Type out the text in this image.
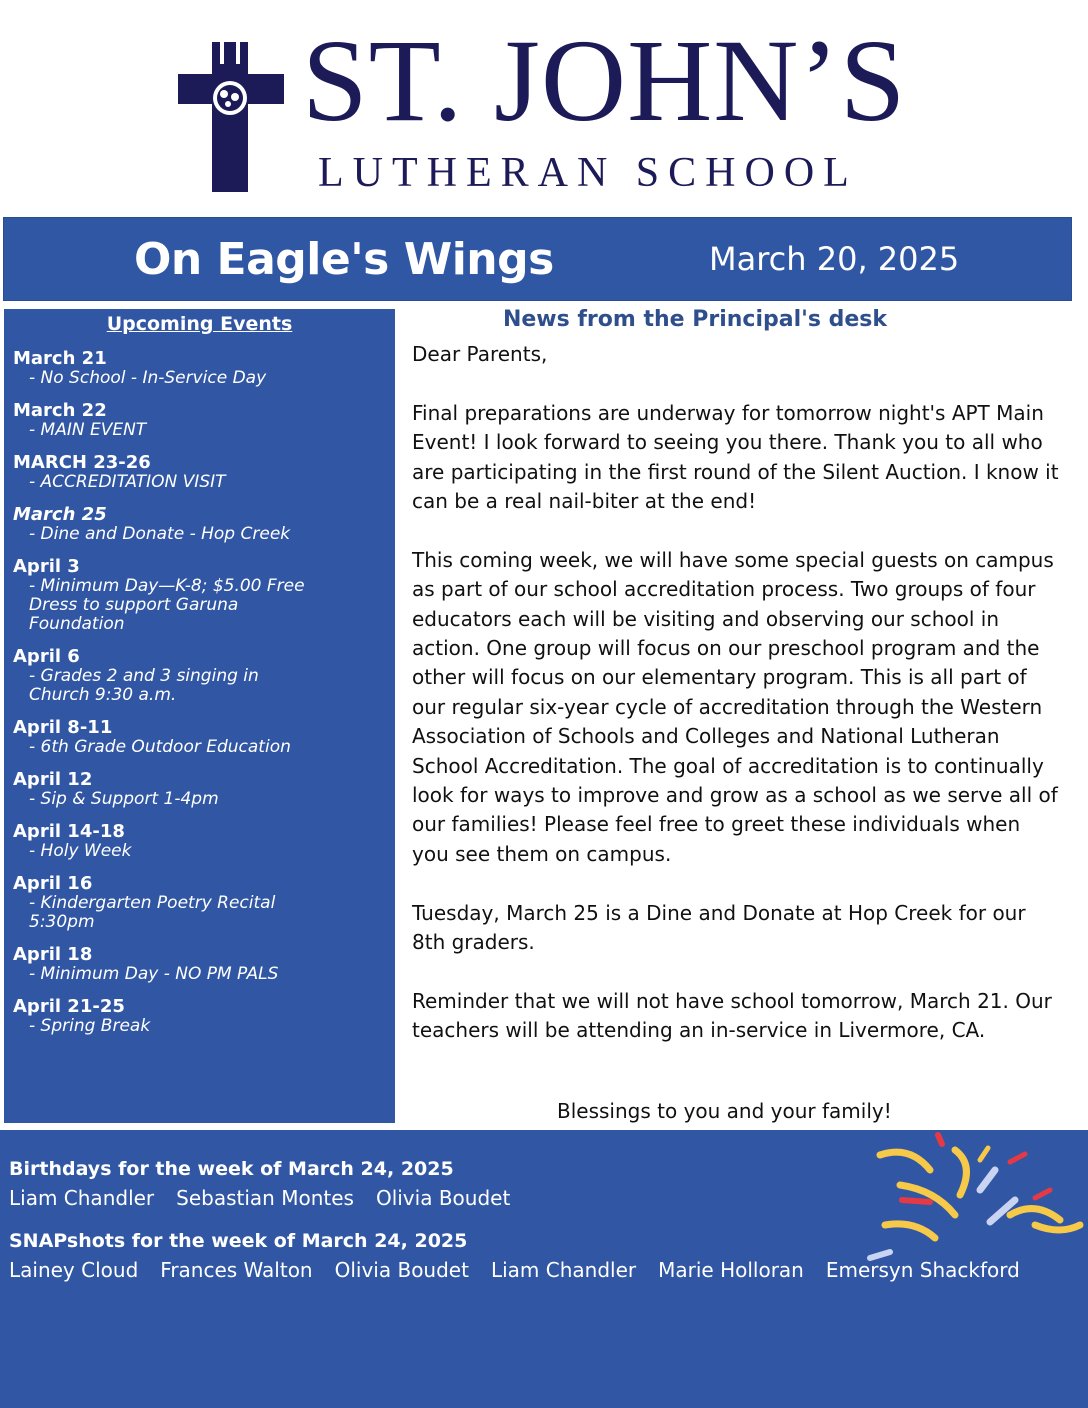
ST. JOHN’S
LUTHERAN SCHOOL
On Eagle's Wings	March 20, 2025
Upcoming Events
March 21
- No School - In-Service Day
March 22
- MAIN EVENT
MARCH 23-26
- ACCREDITATION VISIT
March 25
- Dine and Donate - Hop Creek
April 3
- Minimum Day—K-8; $5.00 Free
Dress to support Garuna
Foundation
April 6
- Grades 2 and 3 singing in
Church 9:30 a.m.
April 8-11
- 6th Grade Outdoor Education
April 12
- Sip & Support 1-4pm
April 14-18
- Holy Week
April 16
- Kindergarten Poetry Recital
5:30pm
April 18
- Minimum Day - NO PM PALS
April 21-25
- Spring Break
News from the Principal's desk

Dear Parents,

Final preparations are underway for tomorrow night's APT Main Event! I look forward to seeing you there. Thank you to all who are participating in the first round of the Silent Auction. I know it can be a real nail-biter at the end!

This coming week, we will have some special guests on campus as part of our school accreditation process. Two groups of four educators each will be visiting and observing our school in action. One group will focus on our preschool program and the other will focus on our elementary program. This is all part of our regular six-year cycle of accreditation through the Western Association of Schools and Colleges and National Lutheran School Accreditation. The goal of accreditation is to continually look for ways to improve and grow as a school as we serve all of our families! Please feel free to greet these individuals when you see them on campus.

Tuesday, March 25 is a Dine and Donate at Hop Creek for our 8th graders.

Reminder that we will not have school tomorrow, March 21. Our teachers will be attending an in-service in Livermore, CA.

Blessings to you and your family!
Birthdays for the week of March 24, 2025
Liam Chandler Sebastian Montes Olivia Boudet
SNAPshots for the week of March 24, 2025
Lainey Cloud Frances Walton Olivia Boudet Liam Chandler Marie Holloran Emersyn Shackford
